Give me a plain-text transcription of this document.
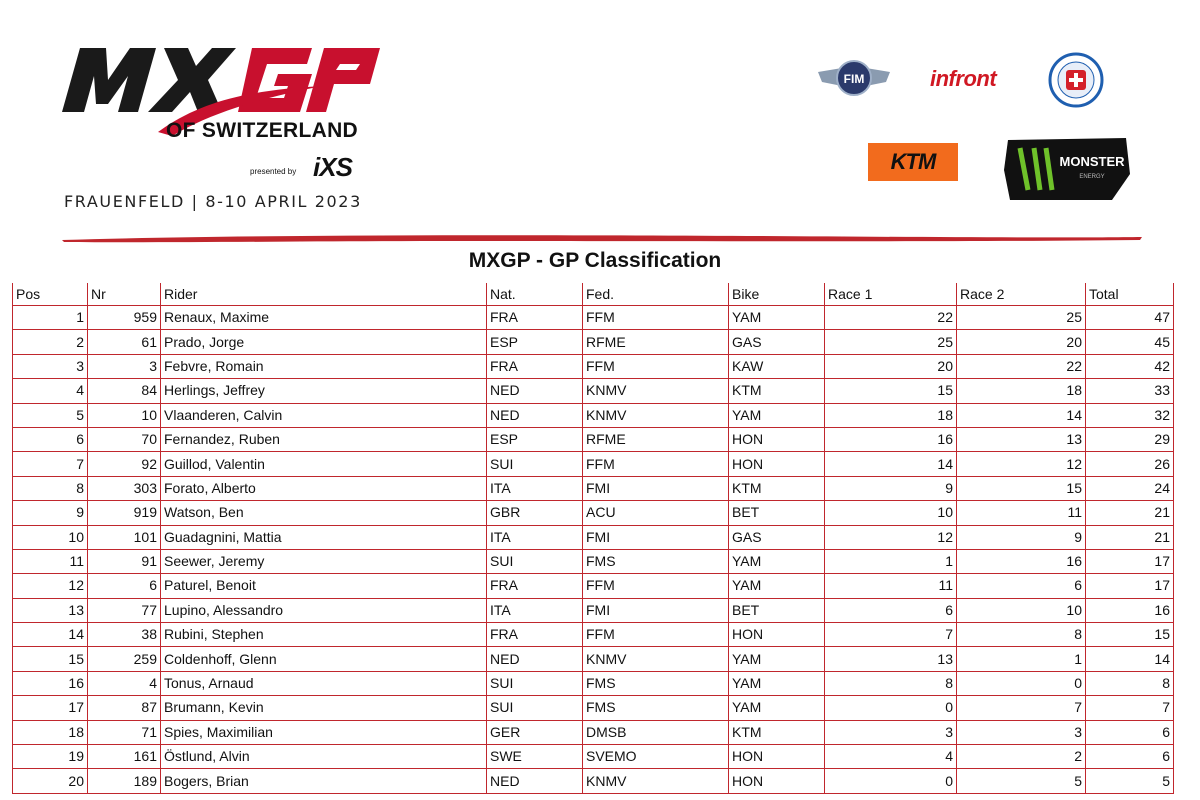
OF SWITZERLAND
presented by iXS
FRAUENFELD | 8-10 APRIL 2023
FIM	infront
KTM	MONSTER
ENERGY
MXGP - GP Classification
Pos	Nr	Rider	Nat.	Fed.	Bike	Race 1	Race 2	Total
1	959	Renaux, Maxime	FRA	FFM	YAM	22	25	47
2	61	Prado, Jorge	ESP	RFME	GAS	25	20	45
3	3	Febvre, Romain	FRA	FFM	KAW	20	22	42
4	84	Herlings, Jeffrey	NED	KNMV	KTM	15	18	33
5	10	Vlaanderen, Calvin	NED	KNMV	YAM	18	14	32
6	70	Fernandez, Ruben	ESP	RFME	HON	16	13	29
7	92	Guillod, Valentin	SUI	FFM	HON	14	12	26
8	303	Forato, Alberto	ITA	FMI	KTM	9	15	24
9	919	Watson, Ben	GBR	ACU	BET	10	11	21
10	101	Guadagnini, Mattia	ITA	FMI	GAS	12	9	21
11	91	Seewer, Jeremy	SUI	FMS	YAM	1	16	17
12	6	Paturel, Benoit	FRA	FFM	YAM	11	6	17
13	77	Lupino, Alessandro	ITA	FMI	BET	6	10	16
14	38	Rubini, Stephen	FRA	FFM	HON	7	8	15
15	259	Coldenhoff, Glenn	NED	KNMV	YAM	13	1	14
16	4	Tonus, Arnaud	SUI	FMS	YAM	8	0	8
17	87	Brumann, Kevin	SUI	FMS	YAM	0	7	7
18	71	Spies, Maximilian	GER	DMSB	KTM	3	3	6
19	161	Östlund, Alvin	SWE	SVEMO	HON	4	2	6
20	189	Bogers, Brian	NED	KNMV	HON	0	5	5
